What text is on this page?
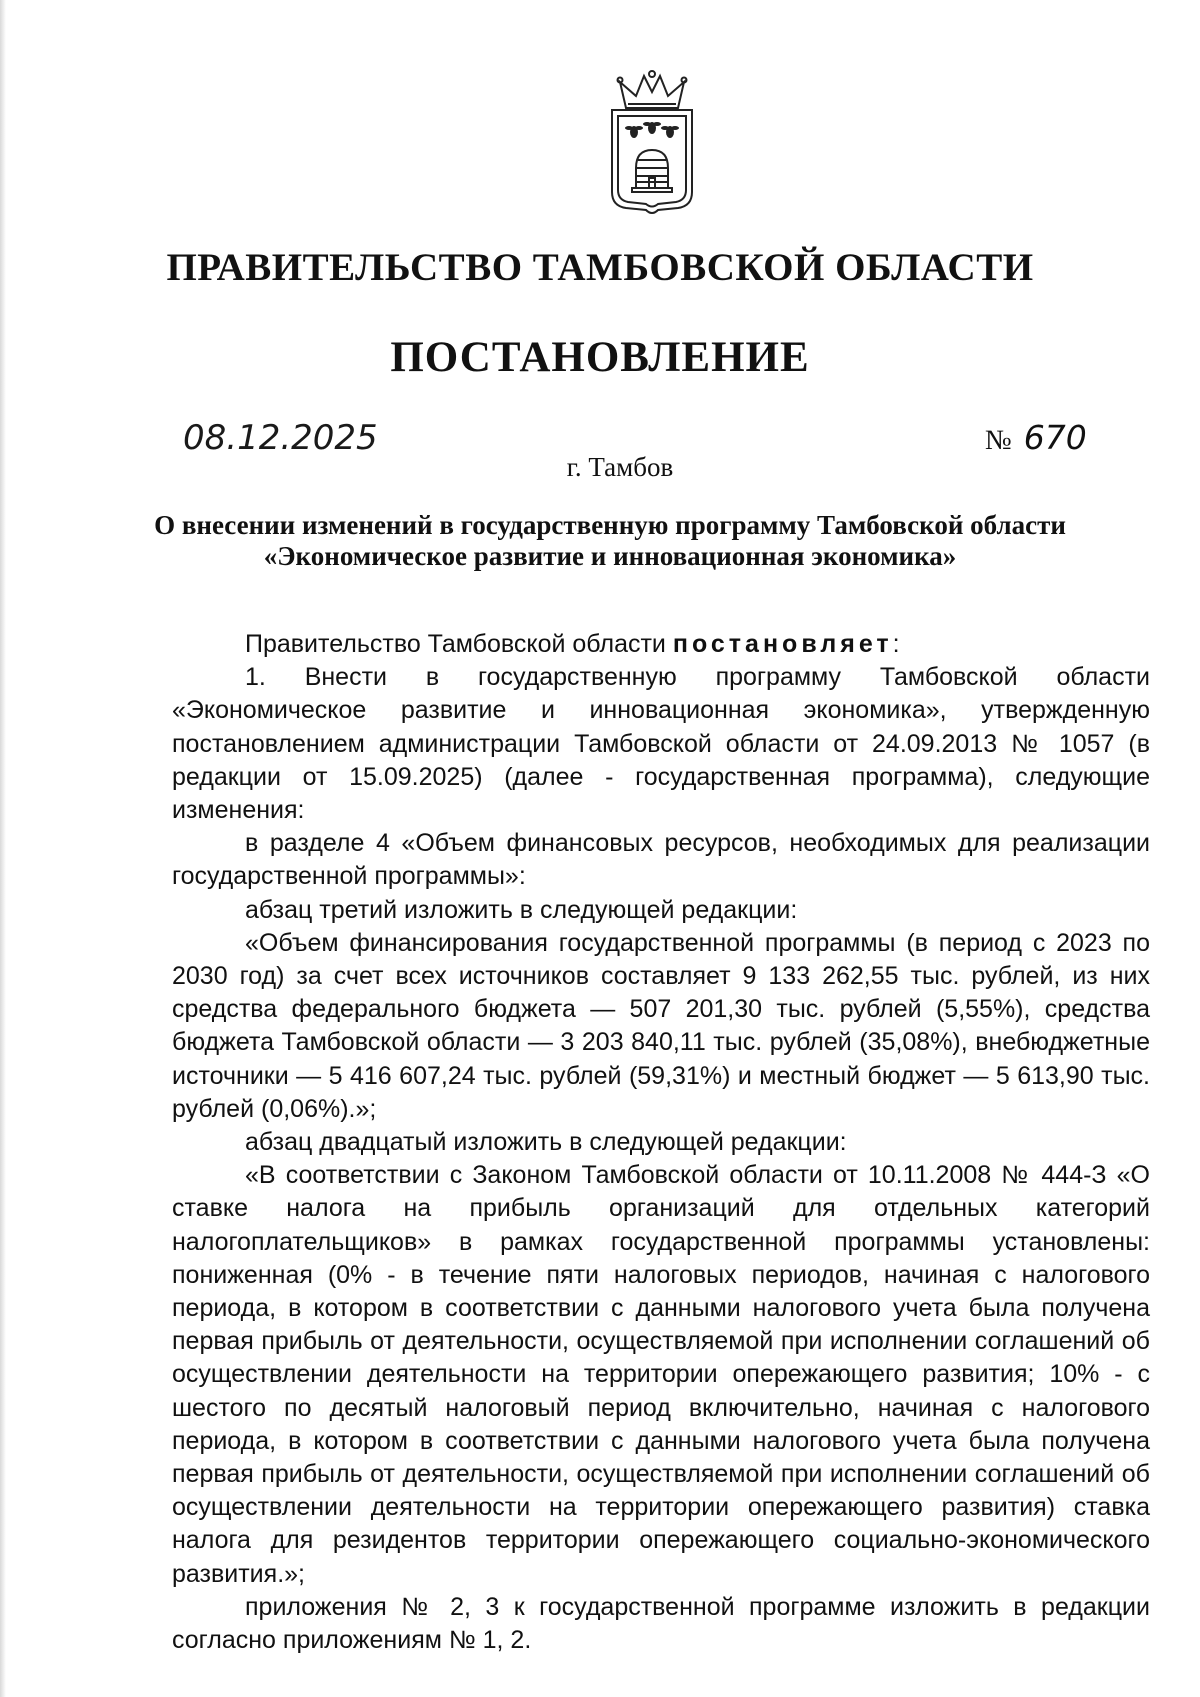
ПРАВИТЕЛЬСТВО ТАМБОВСКОЙ ОБЛАСТИ
ПОСТАНОВЛЕНИЕ
08.12.2025	№ 670
г. Тамбов
О внесении изменений в государственную программу Тамбовской области
«Экономическое развитие и инновационная экономика»

Правительство Тамбовской области постановляет:

1. Внести в государственную программу Тамбовской области «Экономическое развитие и инновационная экономика», утвержденную постановлением администрации Тамбовской области от 24.09.2013 № 1057 (в редакции от 15.09.2025) (далее - государственная программа), следующие изменения:

в разделе 4 «Объем финансовых ресурсов, необходимых для реализации государственной программы»:

абзац третий изложить в следующей редакции:

«Объем финансирования государственной программы (в период с 2023 по 2030 год) за счет всех источников составляет 9 133 262,55 тыс. рублей, из них средства федерального бюджета — 507 201,30 тыс. рублей (5,55%), средства бюджета Тамбовской области — 3 203 840,11 тыс. рублей (35,08%), внебюджетные источники — 5 416 607,24 тыс. рублей (59,31%) и местный бюджет — 5 613,90 тыс. рублей (0,06%).»;

абзац двадцатый изложить в следующей редакции:

«В соответствии с Законом Тамбовской области от 10.11.2008 № 444-З «О ставке налога на прибыль организаций для отдельных категорий налогоплательщиков» в рамках государственной программы установлены: пониженная (0% - в течение пяти налоговых периодов, начиная с налогового периода, в котором в соответствии с данными налогового учета была получена первая прибыль от деятельности, осуществляемой при исполнении соглашений об осуществлении деятельности на территории опережающего развития; 10% - с шестого по десятый налоговый период включительно, начиная с налогового периода, в котором в соответствии с данными налогового учета была получена первая прибыль от деятельности, осуществляемой при исполнении соглашений об осуществлении деятельности на территории опережающего развития) ставка налога для резидентов территории опережающего социально-экономического развития.»;

приложения № 2, 3 к государственной программе изложить в редакции согласно приложениям № 1, 2.
